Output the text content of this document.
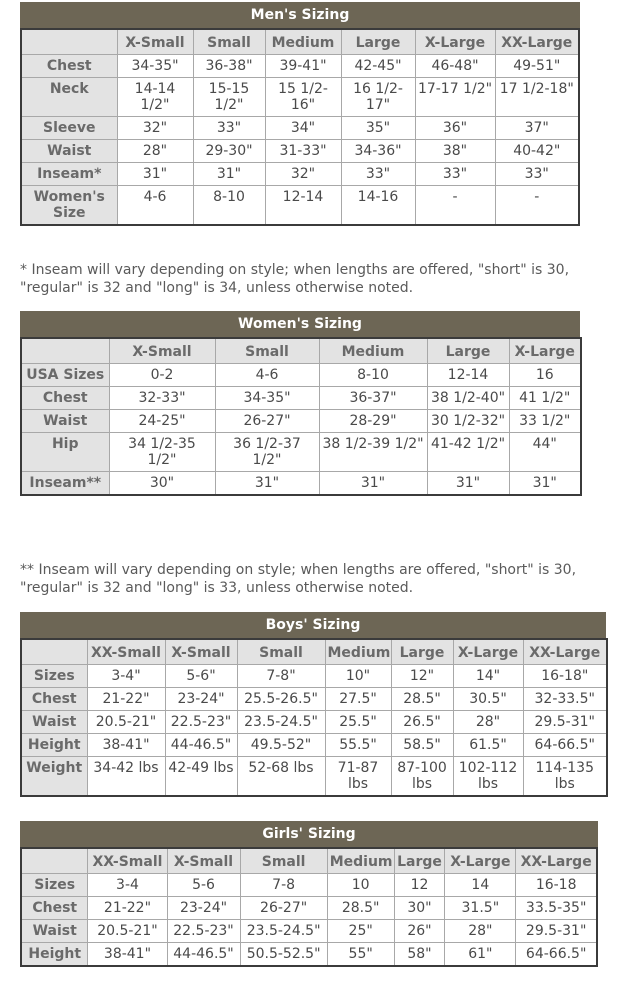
Men's Sizing
	X-Small	Small	Medium	Large	X-Large	XX-Large
Chest	34-35"	36-38"	39-41"	42-45"	46-48"	49-51"
Neck	14-14 1/2"	15-15 1/2"	15 1/2-16"	16 1/2-17"	17-17 1/2"	17 1/2-18"
Sleeve	32"	33"	34"	35"	36"	37"
Waist	28"	29-30"	31-33"	34-36"	38"	40-42"
Inseam*	31"	31"	32"	33"	33"	33"
Women's Size	4-6	8-10	12-14	14-16	-	-
* Inseam will vary depending on style; when lengths are offered, "short" is 30, "regular" is 32 and "long" is 34, unless otherwise noted.
Women's Sizing
	X-Small	Small	Medium	Large	X-Large
USA Sizes	0-2	4-6	8-10	12-14	16
Chest	32-33"	34-35"	36-37"	38 1/2-40"	41 1/2"
Waist	24-25"	26-27"	28-29"	30 1/2-32"	33 1/2"
Hip	34 1/2-35 1/2"	36 1/2-37 1/2"	38 1/2-39 1/2"	41-42 1/2"	44"
Inseam**	30"	31"	31"	31"	31"
** Inseam will vary depending on style; when lengths are offered, "short" is 30, "regular" is 32 and "long" is 33, unless otherwise noted.
Boys' Sizing
	XX-Small	X-Small	Small	Medium	Large	X-Large	XX-Large
Sizes	3-4"	5-6"	7-8"	10"	12"	14"	16-18"
Chest	21-22"	23-24"	25.5-26.5"	27.5"	28.5"	30.5"	32-33.5"
Waist	20.5-21"	22.5-23"	23.5-24.5"	25.5"	26.5"	28"	29.5-31"
Height	38-41"	44-46.5"	49.5-52"	55.5"	58.5"	61.5"	64-66.5"
Weight	34-42 lbs	42-49 lbs	52-68 lbs	71-87 lbs	87-100 lbs	102-112 lbs	114-135 lbs
Girls' Sizing
	XX-Small	X-Small	Small	Medium	Large	X-Large	XX-Large
Sizes	3-4	5-6	7-8	10	12	14	16-18
Chest	21-22"	23-24"	26-27"	28.5"	30"	31.5"	33.5-35"
Waist	20.5-21"	22.5-23"	23.5-24.5"	25"	26"	28"	29.5-31"
Height	38-41"	44-46.5"	50.5-52.5"	55"	58"	61"	64-66.5"
